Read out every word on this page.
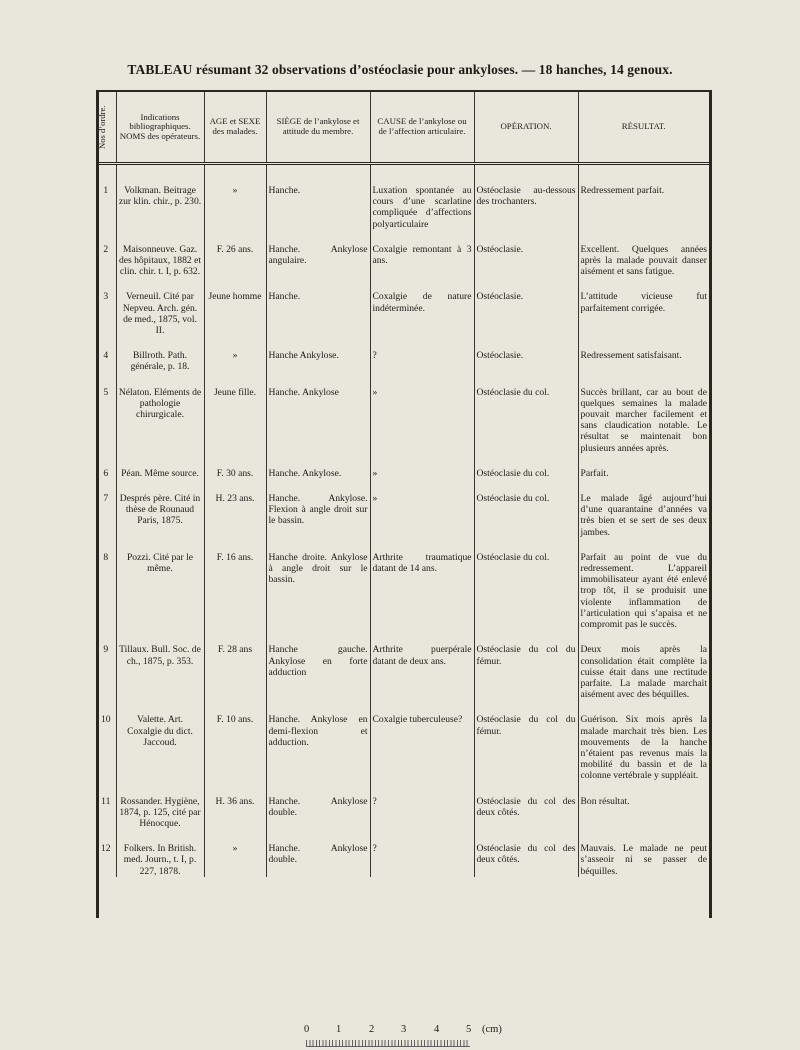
TABLEAU résumant 32 observations d’ostéoclasie pour ankyloses. — 18 hanches, 14 genoux.
Nos d’ordre.	Indications bibliographiques. NOMS des opérateurs.	AGE et SEXE des malades.	SIÈGE de l’ankylose et attitude du membre.	CAUSE de l’ankylose ou de l’affection articulaire.	OPÉRATION.	RÉSULTAT.

1	Volkman. Beitrage zur klin. chir., p. 230.	»	Hanche.	Luxation spontanée au cours d’une scarlatine compliquée d’affections polyarticulaire	Ostéoclasie au-dessous des trochanters.	Redressement parfait.
2	Maisonneuve. Gaz. des hôpitaux, 1882 et clin. chir. t. I, p. 632.	F. 26 ans.	Hanche. Ankylose angulaire.	Coxalgie remontant à 3 ans.	Ostéoclasie.	Excellent. Quelques années après la malade pouvait danser aisément et sans fatigue.
3	Verneuil. Cité par Nepveu. Arch. gén. de med., 1875, vol. II.	Jeune homme	Hanche.	Coxalgie de nature indéterminée.	Ostéoclasie.	L’attitude vicieuse fut parfaitement corrigée.
4	Billroth. Path. générale, p. 18.	»	Hanche Ankylose.	?	Ostéoclasie.	Redressement satisfaisant.
5	Nélaton. Eléments de pathologie chirurgicale.	Jeune fille.	Hanche. Ankylose	»	Ostéoclasie du col.	Succès brillant, car au bout de quelques semaines la malade pouvait marcher facilement et sans claudication notable. Le résultat se maintenait bon plusieurs années après.
6	Péan. Même source.	F. 30 ans.	Hanche. Ankylose.	»	Ostéoclasie du col.	Parfait.
7	Després père. Cité in thèse de Rounaud Paris, 1875.	H. 23 ans.	Hanche. Ankylose. Flexion à angle droit sur le bassin.	»	Ostéoclasie du col.	Le malade âgé aujourd’hui d’une quarantaine d’années va très bien et se sert de ses deux jambes.
8	Pozzi. Cité par le même.	F. 16 ans.	Hanche droite. Ankylose à angle droit sur le bassin.	Arthrite traumatique datant de 14 ans.	Ostéoclasie du col.	Parfait au point de vue du redressement. L’appareil immobilisateur ayant été enlevé trop tôt, il se produisit une violente inflammation de l’articulation qui s’apaisa et ne compromit pas le succès.
9	Tillaux. Bull. Soc. de ch., 1875, p. 353.	F. 28 ans	Hanche gauche. Ankylose en forte adduction	Arthrite puerpérale datant de deux ans.	Ostéoclasie du col du fémur.	Deux mois après la consolidation était complète la cuisse était dans une rectitude parfaite. La malade marchait aisément avec des béquilles.
10	Valette. Art. Coxalgie du dict. Jaccoud.	F. 10 ans.	Hanche. Ankylose en demi-flexion et adduction.	Coxalgie tuberculeuse?	Ostéoclasie du col du fémur.	Guérison. Six mois après la malade marchait très bien. Les mouvements de la hanche n’étaient pas revenus mais la mobilité du bassin et de la colonne vertébrale y suppléait.
11	Rossander. Hygiène, 1874, p. 125, cité par Hénocque.	H. 36 ans.	Hanche. Ankylose double.	?	Ostéoclasie du col des deux côtés.	Bon résultat.
12	Folkers. In British. med. Journ., t. I, p. 227, 1878.	»	Hanche. Ankylose double.	?	Ostéoclasie du col des deux côtés.	Mauvais. Le malade ne peut s’asseoir ni se passer de béquilles.
0	1	2	3	4	5 (cm)
